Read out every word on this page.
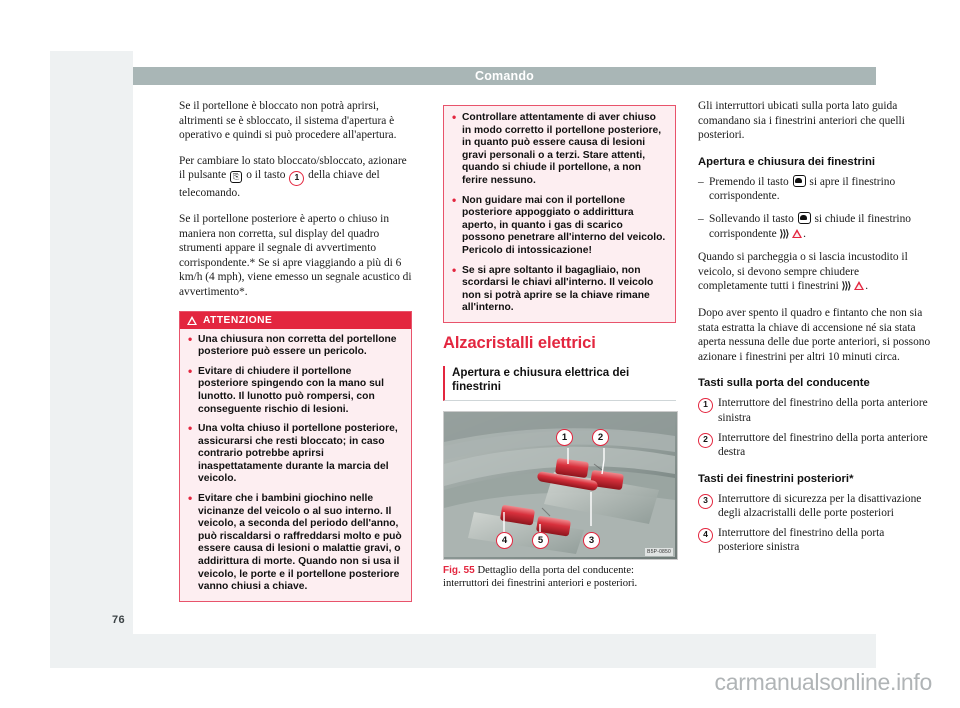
76
Comando

Se il portellone è bloccato non potrà aprirsi, altrimenti se è sbloccato, il sistema d'apertura è operativo e quindi si può procedere all'apertura.

Per cambiare lo stato bloccato/sbloccato, azionare il pulsante ⎘ o il tasto 1 della chiave del telecomando.

Se il portellone posteriore è aperto o chiuso in maniera non corretta, sul display del quadro strumenti appare il segnale di avvertimento corrispondente.* Se si apre viaggiando a più di 6 km/h (4 mph), viene emesso un segnale acustico di avvertimento*.

ATTENZIONE

• Una chiusura non corretta del portellone posteriore può essere un pericolo.

• Evitare di chiudere il portellone posteriore spingendo con la mano sul lunotto. Il lunotto può rompersi, con conseguente rischio di lesioni.

• Una volta chiuso il portellone posteriore, assicurarsi che resti bloccato; in caso contrario potrebbe aprirsi inaspettatamente durante la marcia del veicolo.

• Evitare che i bambini giochino nelle vicinanze del veicolo o al suo interno. Il veicolo, a seconda del periodo dell'anno, può riscaldarsi o raffreddarsi molto e può essere causa di lesioni o malattie gravi, o addirittura di morte. Quando non si usa il veicolo, le porte e il portellone posteriore vanno chiusi a chiave.

• Controllare attentamente di aver chiuso in modo corretto il portellone posteriore, in quanto può essere causa di lesioni gravi personali o a terzi. Stare attenti, quando si chiude il portellone, a non ferire nessuno.

• Non guidare mai con il portellone posteriore appoggiato o addirittura aperto, in quanto i gas di scarico possono penetrare all'interno del veicolo. Pericolo di intossicazione!

• Se si apre soltanto il bagagliaio, non scordarsi le chiavi all'interno. Il veicolo non si potrà aprire se la chiave rimane all'interno.

Alzacristalli elettrici
Apertura e chiusura elettrica dei finestrini
1	2
3
4	5
B5P-0850
Fig. 55 Dettaglio della porta del conducente: interruttori dei finestrini anteriori e posteriori.

Gli interruttori ubicati sulla porta lato guida comandano sia i finestrini anteriori che quelli posteriori.

Apertura e chiusura dei finestrini
– Premendo il tasto  si apre il finestrino corrispondente.
– Sollevando il tasto  si chiude il finestrino corrispondente ⟩⟩⟩ .

Quando si parcheggia o si lascia incustodito il veicolo, si devono sempre chiudere completamente tutti i finestrini ⟩⟩⟩ .

Dopo aver spento il quadro e fintanto che non sia stata estratta la chiave di accensione né sia stata aperta nessuna delle due porte anteriori, si possono azionare i finestrini per altri 10 minuti circa.

Tasti sulla porta del conducente
1 Interruttore del finestrino della porta anteriore sinistra
2 Interruttore del finestrino della porta anteriore destra
Tasti dei finestrini posteriori*
3 Interruttore di sicurezza per la disattivazione degli alzacristalli delle porte posteriori
4 Interruttore del finestrino della porta posteriore sinistra
carmanualsonline.info
